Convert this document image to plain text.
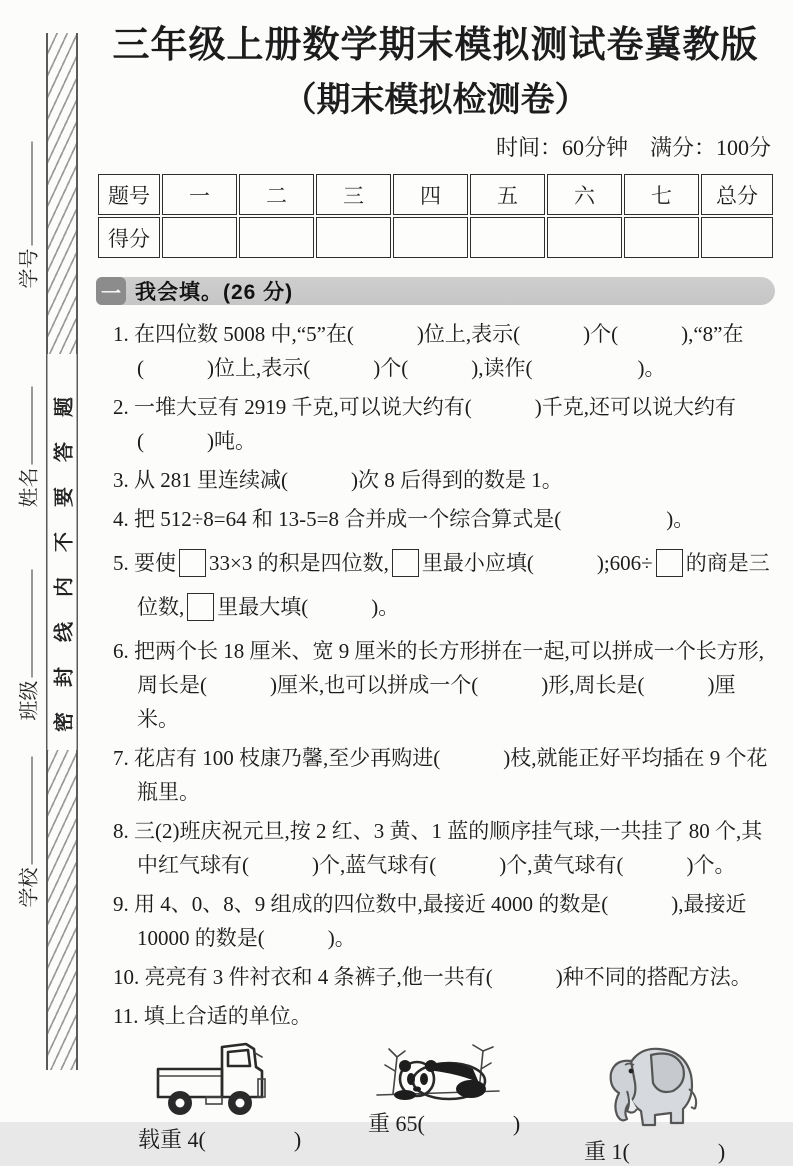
密封线内不要答题
学号
姓名
班级
学校
三年级上册数学期末模拟测试卷冀教版
（期末模拟检测卷）
时间：60分钟　满分：100分
题号	一	二	三	四	五	六	七	总分
得分								
一 我会填。(26 分)
1. 在四位数 5008 中,“5”在(　　　)位上,表示(　　　)个(　　　),“8”在(　　　)位上,表示(　　　)个(　　　),读作(　　　　　)。
2. 一堆大豆有 2919 千克,可以说大约有(　　　)千克,还可以说大约有(　　　)吨。
3. 从 281 里连续减(　　　)次 8 后得到的数是 1。
4. 把 512÷8=64 和 13-5=8 合并成一个综合算式是(　　　　　)。
5. 要使 33×3 的积是四位数, 里最小应填(　　　);606÷ 的商是三位数, 里最大填(　　　)。
6. 把两个长 18 厘米、宽 9 厘米的长方形拼在一起,可以拼成一个长方形,周长是(　　　)厘米,也可以拼成一个(　　　)形,周长是(　　　)厘米。
7. 花店有 100 枝康乃馨,至少再购进(　　　)枝,就能正好平均插在 9 个花瓶里。
8. 三(2)班庆祝元旦,按 2 红、3 黄、1 蓝的顺序挂气球,一共挂了 80 个,其中红气球有(　　　)个,蓝气球有(　　　)个,黄气球有(　　　)个。
9. 用 4、0、8、9 组成的四位数中,最接近 4000 的数是(　　　),最接近 10000 的数是(　　　)。
10. 亮亮有 3 件衬衣和 4 条裤子,他一共有(　　　)种不同的搭配方法。
11. 填上合适的单位。
载重 4(　　　　)
重 65(　　　　)
重 1(　　　　)
